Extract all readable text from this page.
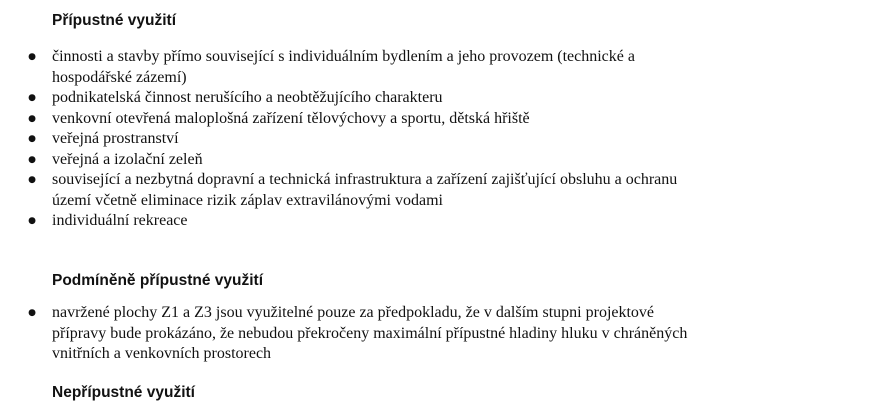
Přípustné využití
● činnosti a stavby přímo související s individuálním bydlením a jeho provozem (technické a
hospodářské zázemí)
● podnikatelská činnost nerušícího a neobtěžujícího charakteru
● venkovní otevřená maloplošná zařízení tělovýchovy a sportu, dětská hřiště
● veřejná prostranství
● veřejná a izolační zeleň
● související a nezbytná dopravní a technická infrastruktura a zařízení zajišťující obsluhu a ochranu
území včetně eliminace rizik záplav extravilánovými vodami
● individuální rekreace
Podmíněně přípustné využití
● navržené plochy Z1 a Z3 jsou využitelné pouze za předpokladu, že v dalším stupni projektové
přípravy bude prokázáno, že nebudou překročeny maximální přípustné hladiny hluku v chráněných
vnitřních a venkovních prostorech
Nepřípustné využití
